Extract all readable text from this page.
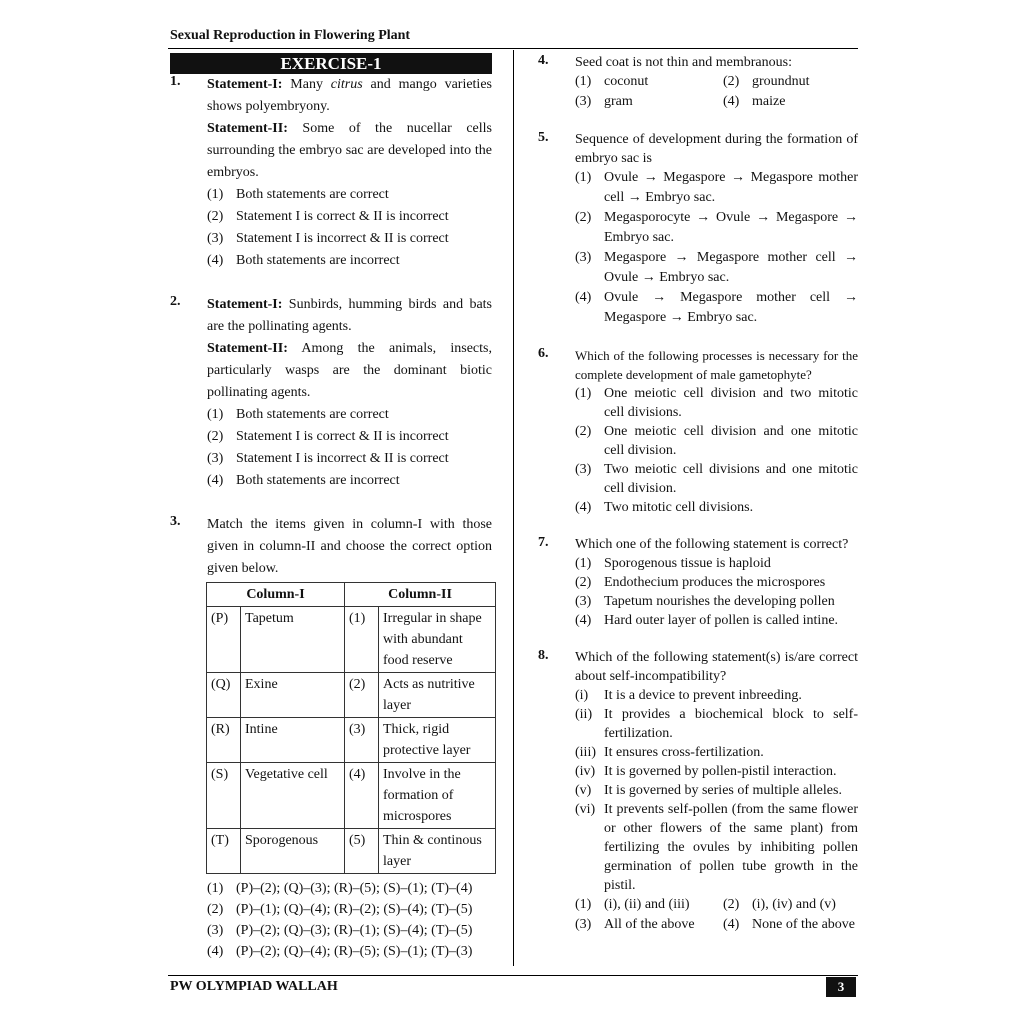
Sexual Reproduction in Flowering Plant
EXERCISE-1
1. Statement-I: Many citrus and mango varieties shows polyembryony.

Statement-II: Some of the nucellar cells surrounding the embryo sac are developed into the embryos.

(1) Both statements are correct
(2) Statement I is correct & II is incorrect
(3) Statement I is incorrect & II is correct
(4) Both statements are incorrect
2. Statement-I: Sunbirds, humming birds and bats are the pollinating agents.

Statement-II: Among the animals, insects, particularly wasps are the dominant biotic pollinating agents.

(1) Both statements are correct
(2) Statement I is correct & II is incorrect
(3) Statement I is incorrect & II is correct
(4) Both statements are incorrect
3. Match the items given in column-I with those given in column-II and choose the correct option given below.

Column-I		Column-II	
(P)	Tapetum	(1)	Irregular in shape with abundant food reserve
(Q)	Exine	(2)	Acts as nutritive layer
(R)	Intine	(3)	Thick, rigid protective layer
(S)	Vegetative cell	(4)	Involve in the formation of microspores
(T)	Sporogenous	(5)	Thin & continous layer
(1) (P)–(2); (Q)–(3); (R)–(5); (S)–(1); (T)–(4)
(2) (P)–(1); (Q)–(4); (R)–(2); (S)–(4); (T)–(5)
(3) (P)–(2); (Q)–(3); (R)–(1); (S)–(4); (T)–(5)
(4) (P)–(2); (Q)–(4); (R)–(5); (S)–(1); (T)–(3)
4. Seed coat is not thin and membranous:

(1) coconut	(2) groundnut
(3) gram	(4) maize
5. Sequence of development during the formation of embryo sac is

(1) Ovule → Megaspore → Megaspore mother cell → Embryo sac.
(2) Megasporocyte → Ovule → Megaspore → Embryo sac.
(3) Megaspore → Megaspore mother cell → Ovule → Embryo sac.
(4) Ovule → Megaspore mother cell → Megaspore → Embryo sac.
6. Which of the following processes is necessary for the complete development of male gametophyte?

(1) One meiotic cell division and two mitotic cell divisions.
(2) One meiotic cell division and one mitotic cell division.
(3) Two meiotic cell divisions and one mitotic cell division.
(4) Two mitotic cell divisions.
7. Which one of the following statement is correct?

(1) Sporogenous tissue is haploid
(2) Endothecium produces the microspores
(3) Tapetum nourishes the developing pollen
(4) Hard outer layer of pollen is called intine.
8. Which of the following statement(s) is/are correct about self-incompatibility?

(i) It is a device to prevent inbreeding.
(ii) It provides a biochemical block to self-fertilization.
(iii) It ensures cross-fertilization.
(iv) It is governed by pollen-pistil interaction.
(v) It is governed by series of multiple alleles.
(vi) It prevents self-pollen (from the same flower or other flowers of the same plant) from fertilizing the ovules by inhibiting pollen germination of pollen tube growth in the pistil.
(1) (i), (ii) and (iii)	(2) (i), (iv) and (v)
(3) All of the above	(4) None of the above
PW OLYMPIAD WALLAH	3
